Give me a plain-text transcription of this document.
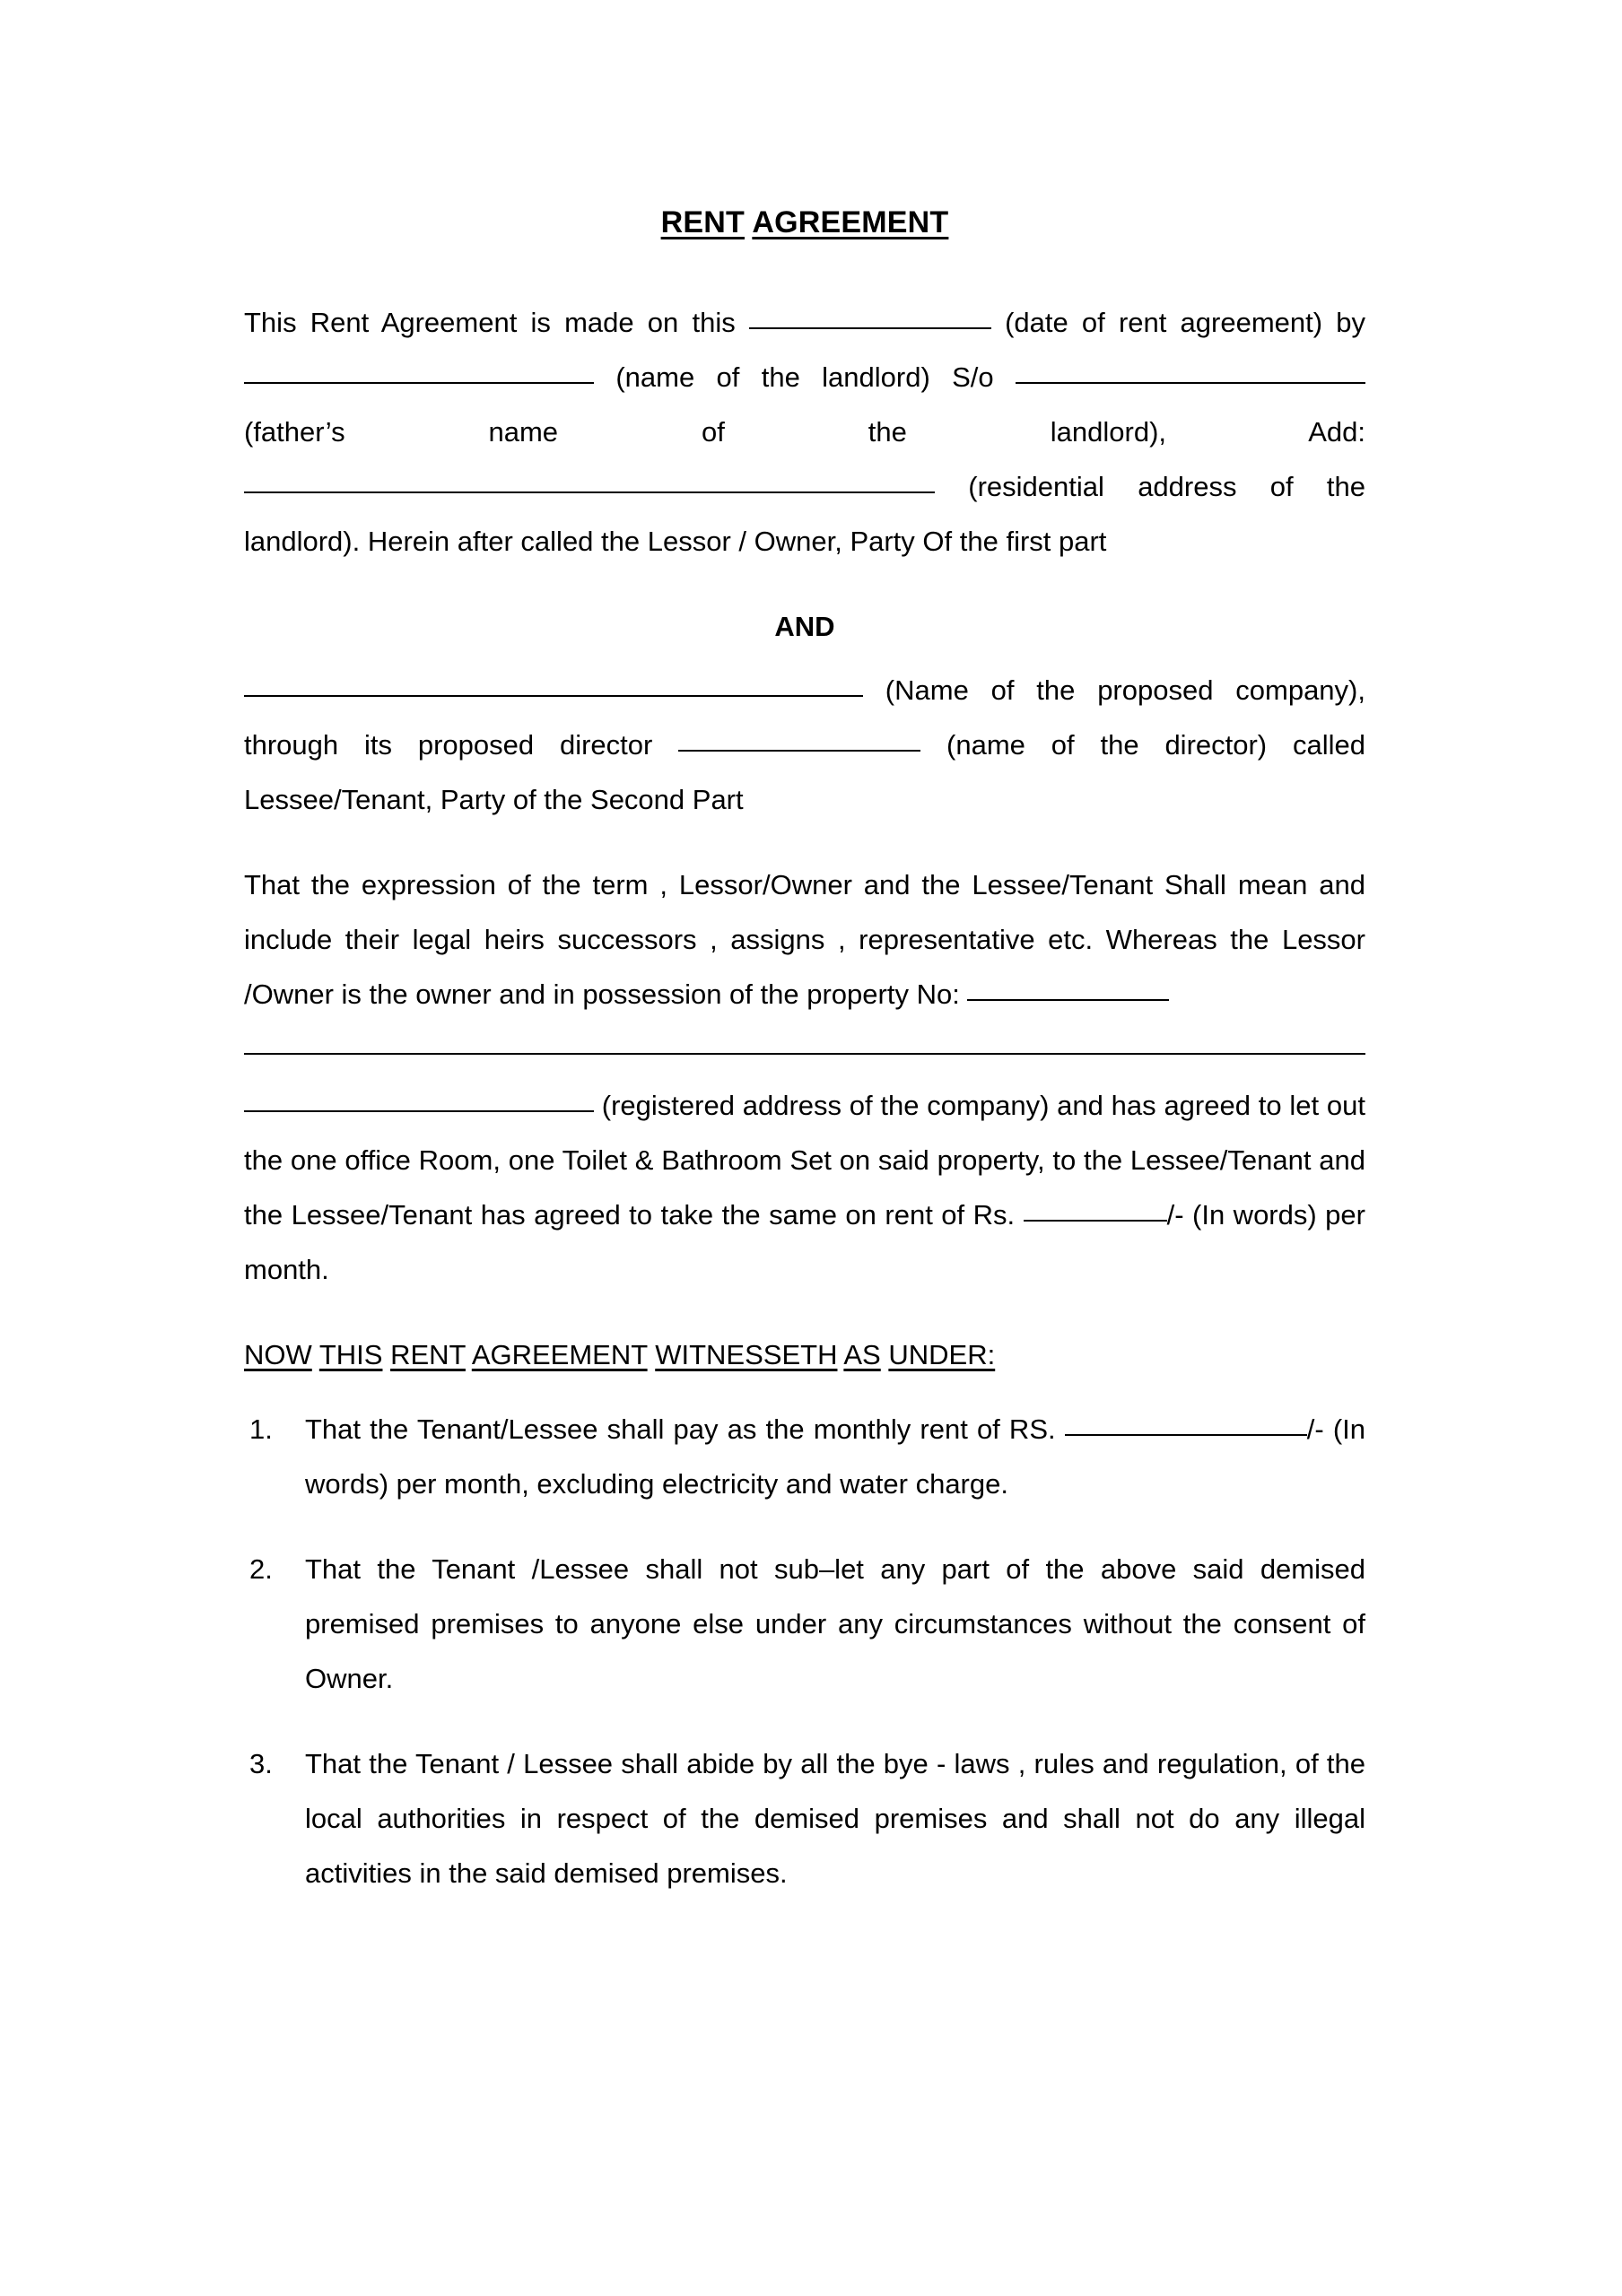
RENT AGREEMENT

This Rent Agreement is made on this	(date of rent agreement) by  (name of the landlord) S/o  (father’s name of the landlord), Add:  (residential address of the landlord). Herein after called the Lessor / Owner, Party Of the first part

AND

(Name of the proposed company), through its proposed director	(name of the director) called Lessee/Tenant, Party of the Second Part

That the expression of the term , Lessor/Owner and the Lessee/Tenant Shall mean and include their legal heirs successors , assigns , representative etc. Whereas the Lessor /Owner is the owner and in possession of the property No:

(registered address of the company) and has agreed to let out the one office Room, one Toilet & Bathroom Set on said property, to the Lessee/Tenant and the Lessee/Tenant has agreed to take the same on rent of Rs.	/- (In words) per month.

NOW THIS RENT AGREEMENT WITNESSETH AS UNDER:
1.	That the Tenant/Lessee shall pay as the monthly rent of RS.	/- (In words) per month, excluding electricity and water charge.
2.	That the Tenant /Lessee shall not sub–let any part of the above said demised premised premises to anyone else under any circumstances without the consent of Owner.
3.	That the Tenant / Lessee shall abide by all the bye - laws , rules and regulation, of the local authorities in respect of the demised premises and shall not do any illegal activities in the said demised premises.
